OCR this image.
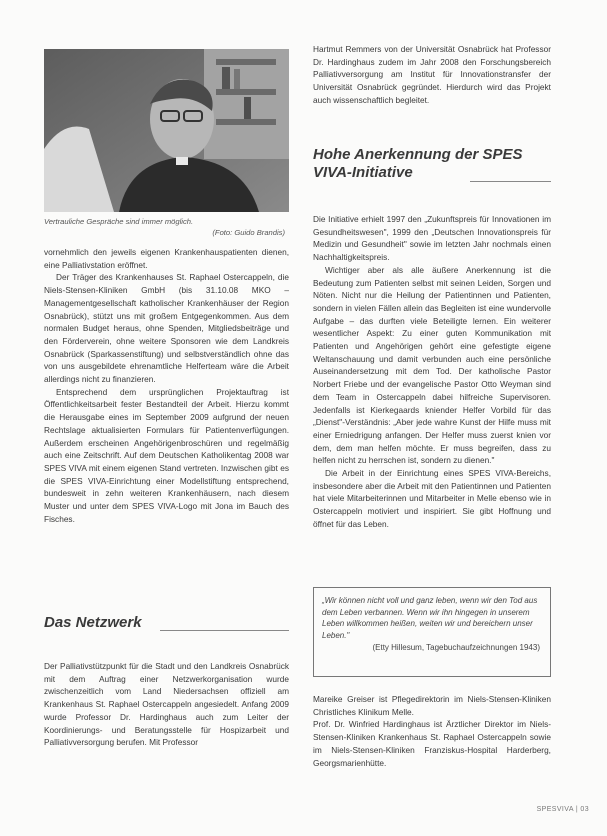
Vertrauliche Gespräche sind immer möglich.
(Foto: Guido Brandis)

vornehmlich den jeweils eigenen Krankenhauspatienten dienen, eine Palliativstation eröffnet.

Der Träger des Krankenhauses St. Raphael Ostercappeln, die Niels-Stensen-Kliniken GmbH (bis 31.10.08 MKO – Managementgesellschaft katholischer Krankenhäuser der Region Osnabrück), stützt uns mit großem Entgegenkommen. Aus dem normalen Budget heraus, ohne Spenden, Mitgliedsbeiträge und den Förderverein, ohne weitere Sponsoren wie dem Landkreis Osnabrück (Sparkassenstiftung) und selbstverständlich ohne das von uns ausgebildete ehrenamtliche Helferteam wäre die Arbeit allerdings nicht zu finanzieren.

Entsprechend dem ursprünglichen Projektauftrag ist Öffentlichkeitsarbeit fester Bestandteil der Arbeit. Hierzu kommt die Herausgabe eines im September 2009 aufgrund der neuen Rechtslage aktualisierten Formulars für Patientenverfügungen. Außerdem erscheinen Angehörigenbroschüren und regelmäßig auch eine Zeitschrift. Auf dem Deutschen Katholikentag 2008 war SPES VIVA mit einem eigenen Stand vertreten. Inzwischen gibt es die SPES VIVA-Einrichtung einer Modellstiftung entsprechend, bundesweit in zehn weiteren Krankenhäusern, nach diesem Muster und unter dem SPES VIVA-Logo mit Jona im Bauch des Fisches.

Das Netzwerk

Der Palliativstützpunkt für die Stadt und den Landkreis Osnabrück mit dem Auftrag einer Netzwerkorganisation wurde zwischenzeitlich vom Land Niedersachsen offiziell am Krankenhaus St. Raphael Ostercappeln angesiedelt. Anfang 2009 wurde Professor Dr. Hardinghaus auch zum Leiter der Koordinierungs- und Beratungsstelle für Hospizarbeit und Palliativversorgung berufen. Mit Professor

Hartmut Remmers von der Universität Osnabrück hat Professor Dr. Hardinghaus zudem im Jahr 2008 den Forschungsbereich Palliativversorgung am Institut für Innovationstransfer der Universität Osnabrück gegründet. Hierdurch wird das Projekt auch wissenschaftlich begleitet.

Hohe Anerkennung der SPES
VIVA-Initiative

Die Initiative erhielt 1997 den „Zukunftspreis für Innovationen im Gesundheitswesen", 1999 den „Deutschen Innovationspreis für Medizin und Gesundheit" sowie im letzten Jahr nochmals einen Nachhaltigkeitspreis.

Wichtiger aber als alle äußere Anerkennung ist die Bedeutung zum Patienten selbst mit seinen Leiden, Sorgen und Nöten. Nicht nur die Heilung der Patientinnen und Patienten, sondern in vielen Fällen allein das Begleiten ist eine wundervolle Aufgabe – das durften viele Beteiligte lernen. Ein weiterer wesentlicher Aspekt: Zu einer guten Kommunikation mit Patienten und Angehörigen gehört eine gefestigte eigene Weltanschauung und damit verbunden auch eine persönliche Auseinandersetzung mit dem Tod. Der katholische Pastor Norbert Friebe und der evangelische Pastor Otto Weyman sind dem Team in Ostercappeln dabei hilfreiche Supervisoren. Jedenfalls ist Kierkegaards kniender Helfer Vorbild für das „Dienst"-Verständnis: „Aber jede wahre Kunst der Hilfe muss mit einer Erniedrigung anfangen. Der Helfer muss zuerst knien vor dem, dem man helfen möchte. Er muss begreifen, dass zu helfen nicht zu herrschen ist, sondern zu dienen."

Die Arbeit in der Einrichtung eines SPES VIVA-Bereichs, insbesondere aber die Arbeit mit den Patientinnen und Patienten hat viele Mitarbeiterinnen und Mitarbeiter in Melle ebenso wie in Ostercappeln motiviert und inspiriert. Sie gibt Hoffnung und öffnet für das Leben.

„Wir können nicht voll und ganz leben, wenn wir den Tod aus dem Leben verbannen. Wenn wir ihn hingegen in unserem Leben willkommen heißen, weiten wir und bereichern unser Leben."
(Etty Hillesum, Tagebuchaufzeichnungen 1943)

Mareike Greiser ist Pflegedirektorin im Niels-Stensen-Kliniken Christliches Klinikum Melle.

Prof. Dr. Winfried Hardinghaus ist Ärztlicher Direktor im Niels-Stensen-Kliniken Krankenhaus St. Raphael Ostercappeln sowie im Niels-Stensen-Kliniken Franziskus-Hospital Harderberg, Georgsmarienhütte.

SPESVIVA | 03
